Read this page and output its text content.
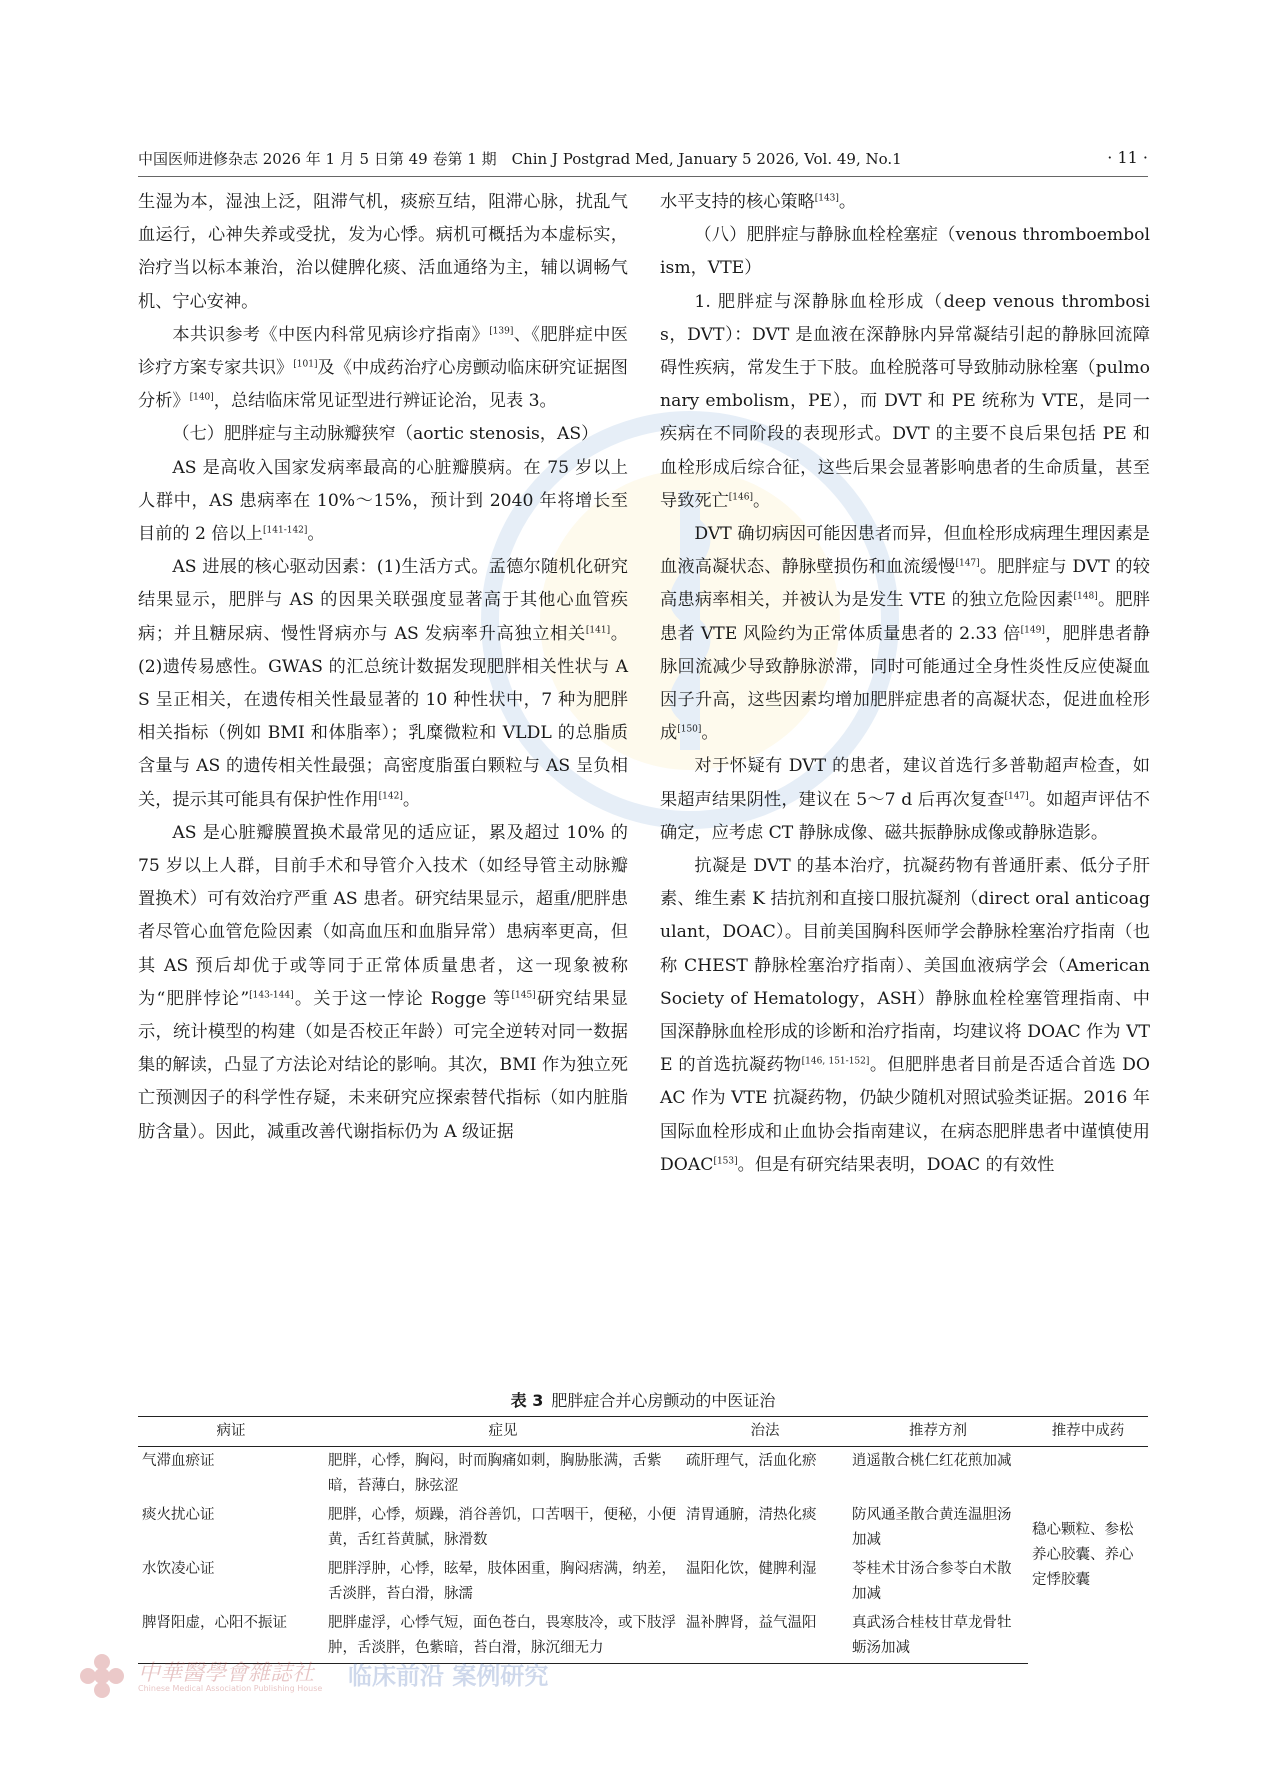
中国医师进修杂志 2026 年 1 月 5 日第 49 卷第 1 期　Chin J Postgrad Med, January 5 2026, Vol. 49, No.1	· 11 ·

生湿为本，湿浊上泛，阻滞气机，痰瘀互结，阻滞心脉，扰乱气血运行，心神失养或受扰，发为心悸。病机可概括为本虚标实，治疗当以标本兼治，治以健脾化痰、活血通络为主，辅以调畅气机、宁心安神。

本共识参考《中医内科常见病诊疗指南》[139]、《肥胖症中医诊疗方案专家共识》[101]及《中成药治疗心房颤动临床研究证据图分析》[140]，总结临床常见证型进行辨证论治，见表 3。

（七）肥胖症与主动脉瓣狭窄（aortic stenosis，AS）

AS 是高收入国家发病率最高的心脏瓣膜病。在 75 岁以上人群中，AS 患病率在 10%～15%，预计到 2040 年将增长至目前的 2 倍以上[141-142]。

AS 进展的核心驱动因素：(1)生活方式。孟德尔随机化研究结果显示，肥胖与 AS 的因果关联强度显著高于其他心血管疾病；并且糖尿病、慢性肾病亦与 AS 发病率升高独立相关[141]。(2)遗传易感性。GWAS 的汇总统计数据发现肥胖相关性状与 AS 呈正相关，在遗传相关性最显著的 10 种性状中，7 种为肥胖相关指标（例如 BMI 和体脂率）；乳糜微粒和 VLDL 的总脂质含量与 AS 的遗传相关性最强；高密度脂蛋白颗粒与 AS 呈负相关，提示其可能具有保护性作用[142]。

AS 是心脏瓣膜置换术最常见的适应证，累及超过 10% 的 75 岁以上人群，目前手术和导管介入技术（如经导管主动脉瓣置换术）可有效治疗严重 AS 患者。研究结果显示，超重/肥胖患者尽管心血管危险因素（如高血压和血脂异常）患病率更高，但其 AS 预后却优于或等同于正常体质量患者，这一现象被称为“肥胖悖论”[143-144]。关于这一悖论 Rogge 等[145]研究结果显示，统计模型的构建（如是否校正年龄）可完全逆转对同一数据集的解读，凸显了方法论对结论的影响。其次，BMI 作为独立死亡预测因子的科学性存疑，未来研究应探索替代指标（如内脏脂肪含量）。因此，减重改善代谢指标仍为 A 级证据

水平支持的核心策略[143]。

（八）肥胖症与静脉血栓栓塞症（venous thromboembolism，VTE）

1. 肥胖症与深静脉血栓形成（deep venous thrombosis，DVT）：DVT 是血液在深静脉内异常凝结引起的静脉回流障碍性疾病，常发生于下肢。血栓脱落可导致肺动脉栓塞（pulmonary embolism，PE），而 DVT 和 PE 统称为 VTE，是同一疾病在不同阶段的表现形式。DVT 的主要不良后果包括 PE 和血栓形成后综合征，这些后果会显著影响患者的生命质量，甚至导致死亡[146]。

DVT 确切病因可能因患者而异，但血栓形成病理生理因素是血液高凝状态、静脉壁损伤和血流缓慢[147]。肥胖症与 DVT 的较高患病率相关，并被认为是发生 VTE 的独立危险因素[148]。肥胖患者 VTE 风险约为正常体质量患者的 2.33 倍[149]，肥胖患者静脉回流减少导致静脉淤滞，同时可能通过全身性炎性反应使凝血因子升高，这些因素均增加肥胖症患者的高凝状态，促进血栓形成[150]。

对于怀疑有 DVT 的患者，建议首选行多普勒超声检查，如果超声结果阴性，建议在 5～7 d 后再次复查[147]。如超声评估不确定，应考虑 CT 静脉成像、磁共振静脉成像或静脉造影。

抗凝是 DVT 的基本治疗，抗凝药物有普通肝素、低分子肝素、维生素 K 拮抗剂和直接口服抗凝剂（direct oral anticoagulant，DOAC）。目前美国胸科医师学会静脉栓塞治疗指南（也称 CHEST 静脉栓塞治疗指南）、美国血液病学会（American Society of Hematology，ASH）静脉血栓栓塞管理指南、中国深静脉血栓形成的诊断和治疗指南，均建议将 DOAC 作为 VTE 的首选抗凝药物[146, 151-152]。但肥胖患者目前是否适合首选 DOAC 作为 VTE 抗凝药物，仍缺少随机对照试验类证据。2016 年国际血栓形成和止血协会指南建议，在病态肥胖患者中谨慎使用 DOAC[153]。但是有研究结果表明，DOAC 的有效性

表 3 肥胖症合并心房颤动的中医证治
病证	症见	治法	推荐方剂	推荐中成药
气滞血瘀证	肥胖，心悸，胸闷，时而胸痛如刺，胸胁胀满，舌紫暗，苔薄白，脉弦涩	疏肝理气，活血化瘀	逍遥散合桃仁红花煎加减	稳心颗粒、参松养心胶囊、养心定悸胶囊
痰火扰心证	肥胖，心悸，烦躁，消谷善饥，口苦咽干，便秘，小便黄，舌红苔黄腻，脉滑数	清胃通腑，清热化痰	防风通圣散合黄连温胆汤加减	
水饮凌心证	肥胖浮肿，心悸，眩晕，肢体困重，胸闷痞满，纳差，舌淡胖，苔白滑，脉濡	温阳化饮，健脾利湿	苓桂术甘汤合参苓白术散加减	
脾肾阳虚，心阳不振证	肥胖虚浮，心悸气短，面色苍白，畏寒肢冷，或下肢浮肿，舌淡胖，色紫暗，苔白滑，脉沉细无力	温补脾肾，益气温阳	真武汤合桂枝甘草龙骨牡蛎汤加减	
中華醫學會雜誌社
Chinese Medical Association Publishing House 临床前沿 案例研究
